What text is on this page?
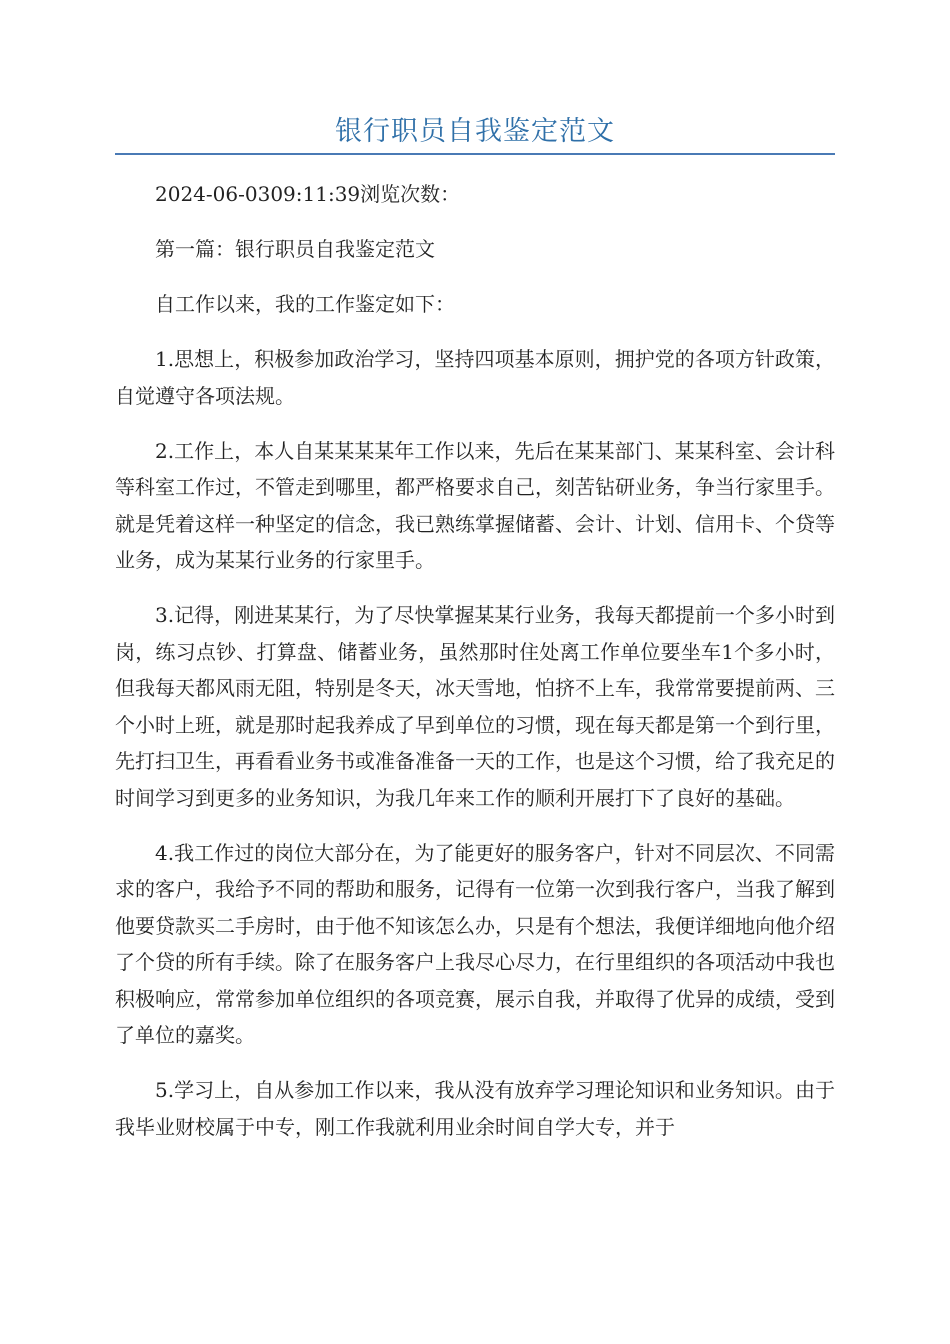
银行职员自我鉴定范文

2024-06-0309:11:39浏览次数：

第一篇：银行职员自我鉴定范文

自工作以来，我的工作鉴定如下：

1.思想上，积极参加政治学习，坚持四项基本原则，拥护党的各项方针政策，自觉遵守各项法规。

2.工作上，本人自某某某某年工作以来，先后在某某部门、某某科室、会计科等科室工作过，不管走到哪里，都严格要求自己，刻苦钻研业务，争当行家里手。就是凭着这样一种坚定的信念，我已熟练掌握储蓄、会计、计划、信用卡、个贷等业务，成为某某行业务的行家里手。

3.记得，刚进某某行，为了尽快掌握某某行业务，我每天都提前一个多小时到岗，练习点钞、打算盘、储蓄业务，虽然那时住处离工作单位要坐车1个多小时，但我每天都风雨无阻，特别是冬天，冰天雪地，怕挤不上车，我常常要提前两、三个小时上班，就是那时起我养成了早到单位的习惯，现在每天都是第一个到行里，先打扫卫生，再看看业务书或准备准备一天的工作，也是这个习惯，给了我充足的时间学习到更多的业务知识，为我几年来工作的顺利开展打下了良好的基础。

4.我工作过的岗位大部分在，为了能更好的服务客户，针对不同层次、不同需求的客户，我给予不同的帮助和服务，记得有一位第一次到我行客户，当我了解到他要贷款买二手房时，由于他不知该怎么办，只是有个想法，我便详细地向他介绍了个贷的所有手续。除了在服务客户上我尽心尽力，在行里组织的各项活动中我也积极响应，常常参加单位组织的各项竞赛，展示自我，并取得了优异的成绩，受到了单位的嘉奖。

5.学习上，自从参加工作以来，我从没有放弃学习理论知识和业务知识。由于我毕业财校属于中专，刚工作我就利用业余时间自学大专，并于
